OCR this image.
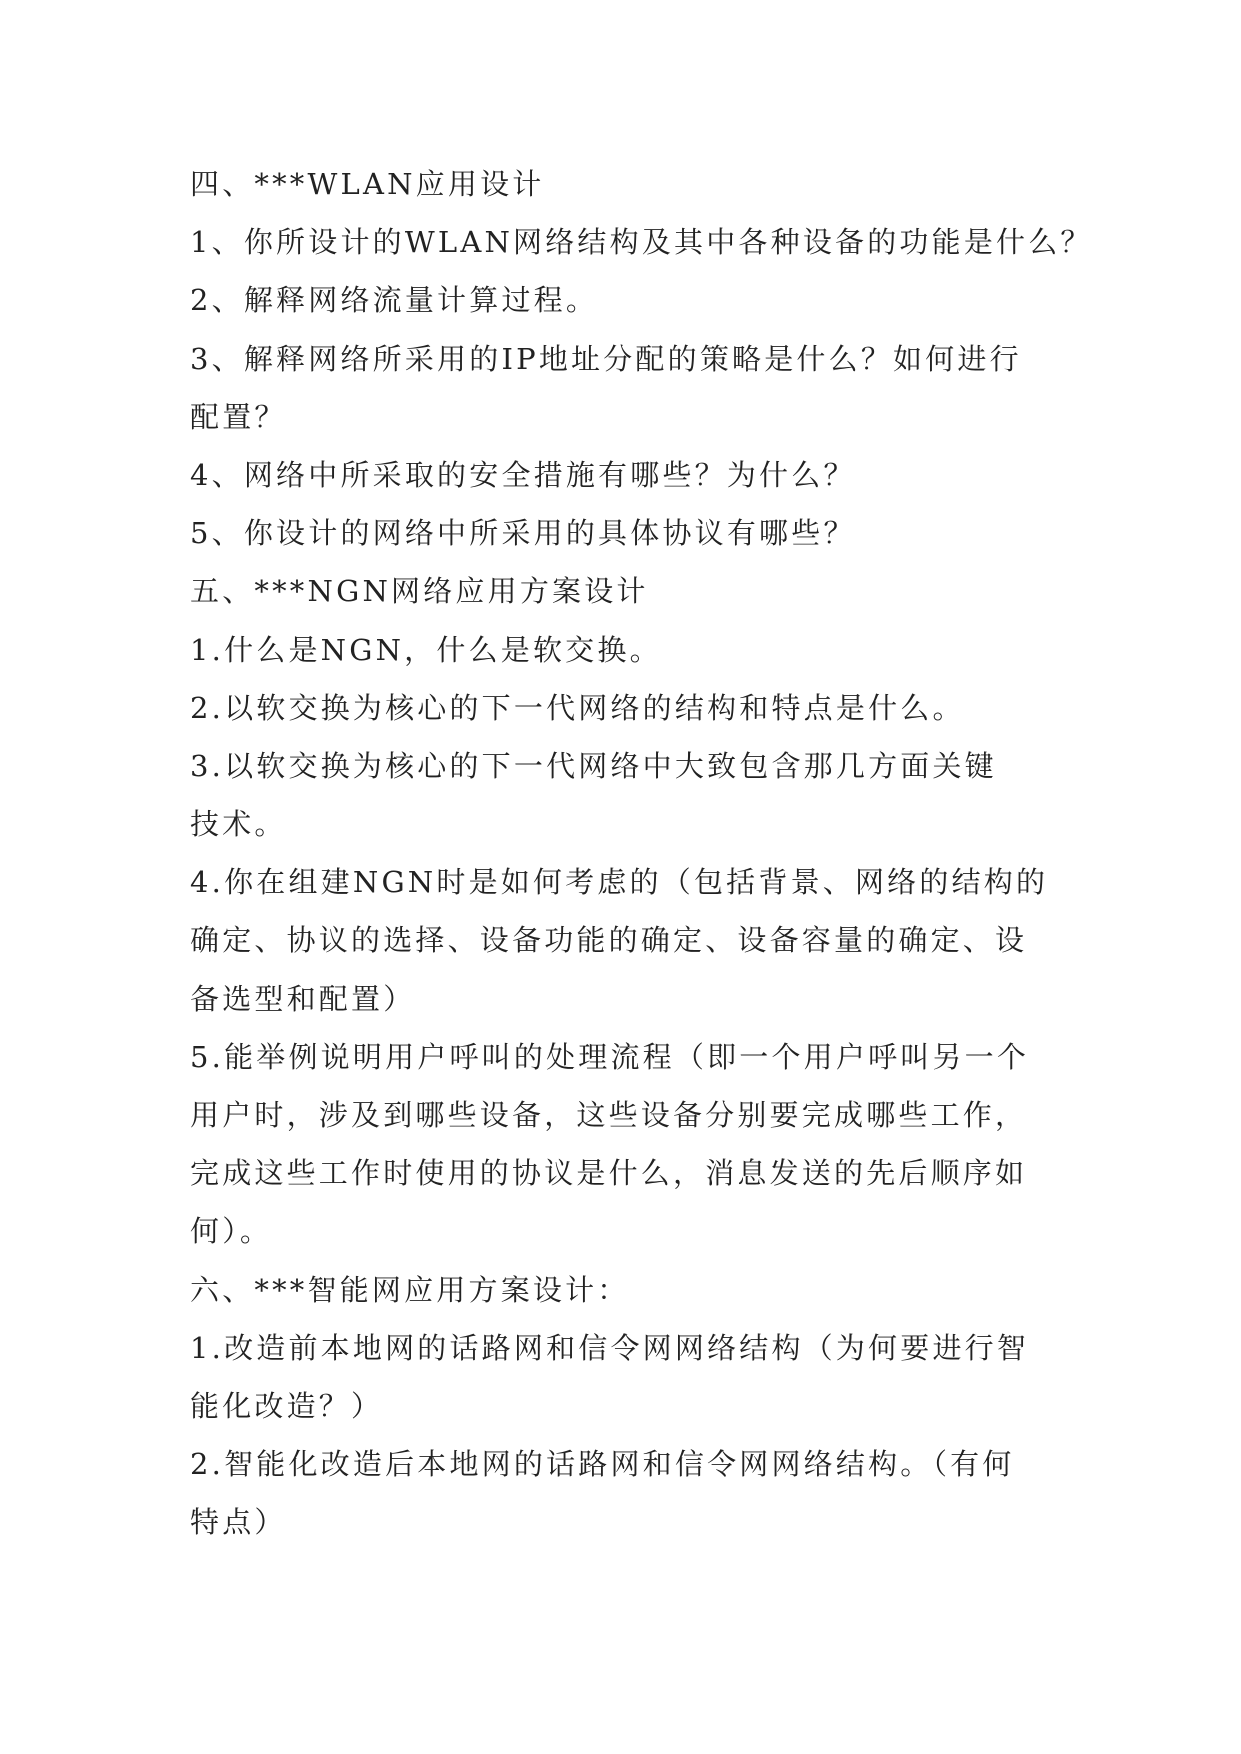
四、***WLAN应用设计
1、你所设计的WLAN网络结构及其中各种设备的功能是什么？
2、解释网络流量计算过程。
3、解释网络所采用的IP地址分配的策略是什么？如何进行
配置？
4、网络中所采取的安全措施有哪些？为什么？
5、你设计的网络中所采用的具体协议有哪些？
五、***NGN网络应用方案设计
1.什么是NGN，什么是软交换。
2.以软交换为核心的下一代网络的结构和特点是什么。
3.以软交换为核心的下一代网络中大致包含那几方面关键
技术。
4.你在组建NGN时是如何考虑的（包括背景、网络的结构的
确定、协议的选择、设备功能的确定、设备容量的确定、设
备选型和配置）
5.能举例说明用户呼叫的处理流程（即一个用户呼叫另一个
用户时，涉及到哪些设备，这些设备分别要完成哪些工作，
完成这些工作时使用的协议是什么，消息发送的先后顺序如
何）。
六、***智能网应用方案设计：
1.改造前本地网的话路网和信令网网络结构（为何要进行智
能化改造？）
2.智能化改造后本地网的话路网和信令网网络结构。（有何
特点）
